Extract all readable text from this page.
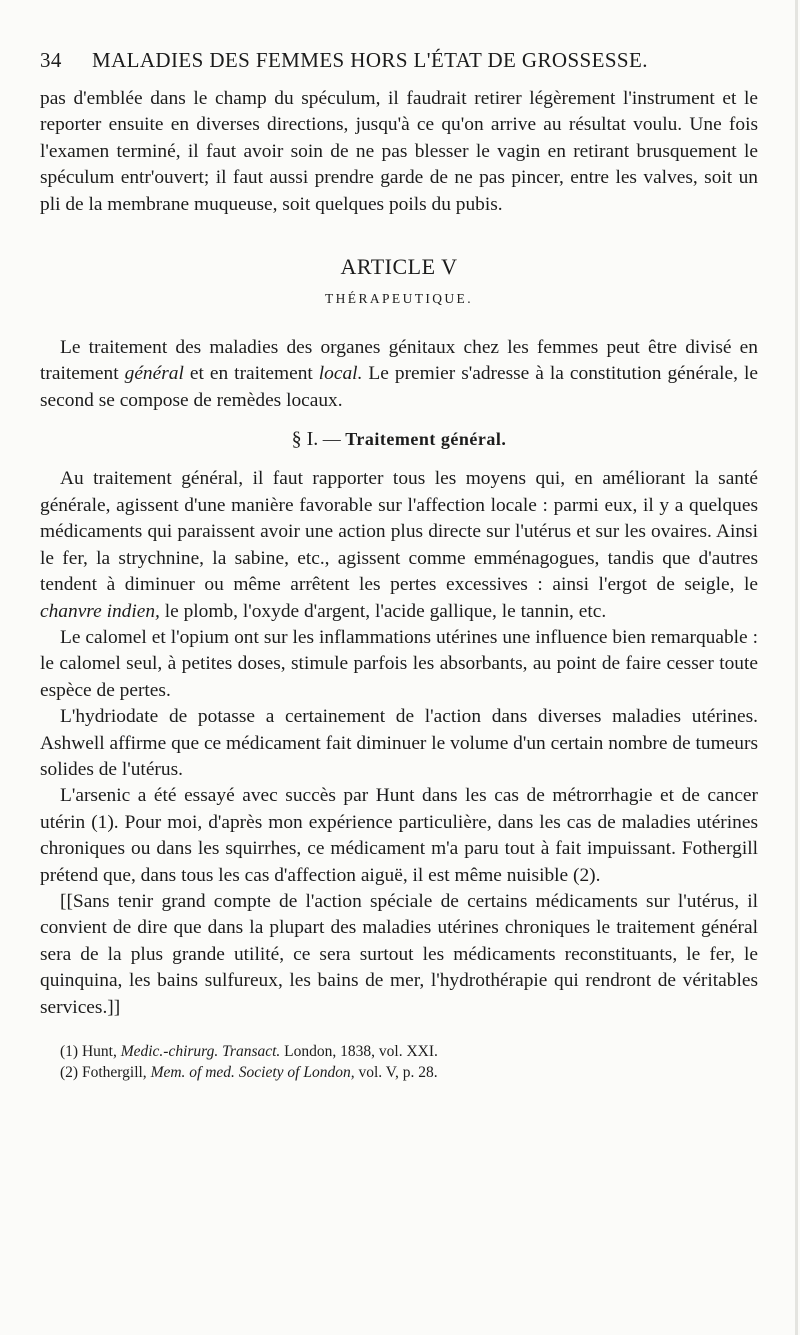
34 MALADIES DES FEMMES HORS L'ÉTAT DE GROSSESSE.

pas d'emblée dans le champ du spéculum, il faudrait retirer légèrement l'instrument et le reporter ensuite en diverses directions, jusqu'à ce qu'on arrive au résultat voulu. Une fois l'examen terminé, il faut avoir soin de ne pas blesser le vagin en retirant brusquement le spéculum entr'ouvert; il faut aussi prendre garde de ne pas pincer, entre les valves, soit un pli de la membrane muqueuse, soit quelques poils du pubis.

ARTICLE V
THÉRAPEUTIQUE.

Le traitement des maladies des organes génitaux chez les femmes peut être divisé en traitement général et en traitement local. Le premier s'adresse à la constitution générale, le second se compose de remèdes locaux.

§ I. — Traitement général.

Au traitement général, il faut rapporter tous les moyens qui, en améliorant la santé générale, agissent d'une manière favorable sur l'affection locale : parmi eux, il y a quelques médicaments qui paraissent avoir une action plus directe sur l'utérus et sur les ovaires. Ainsi le fer, la strychnine, la sabine, etc., agissent comme emménagogues, tandis que d'autres tendent à diminuer ou même arrêtent les pertes excessives : ainsi l'ergot de seigle, le chanvre indien, le plomb, l'oxyde d'argent, l'acide gallique, le tannin, etc.

Le calomel et l'opium ont sur les inflammations utérines une influence bien remarquable : le calomel seul, à petites doses, stimule parfois les absorbants, au point de faire cesser toute espèce de pertes.

L'hydriodate de potasse a certainement de l'action dans diverses maladies utérines. Ashwell affirme que ce médicament fait diminuer le volume d'un certain nombre de tumeurs solides de l'utérus.

L'arsenic a été essayé avec succès par Hunt dans les cas de métrorrhagie et de cancer utérin (1). Pour moi, d'après mon expérience particulière, dans les cas de maladies utérines chroniques ou dans les squirrhes, ce médicament m'a paru tout à fait impuissant. Fothergill prétend que, dans tous les cas d'affection aiguë, il est même nuisible (2).

[[Sans tenir grand compte de l'action spéciale de certains médicaments sur l'utérus, il convient de dire que dans la plupart des maladies utérines chroniques le traitement général sera de la plus grande utilité, ce sera surtout les médicaments reconstituants, le fer, le quinquina, les bains sulfureux, les bains de mer, l'hydrothérapie qui rendront de véritables services.]]

(1) Hunt, Medic.-chirurg. Transact. London, 1838, vol. XXI.

(2) Fothergill, Mem. of med. Society of London, vol. V, p. 28.
